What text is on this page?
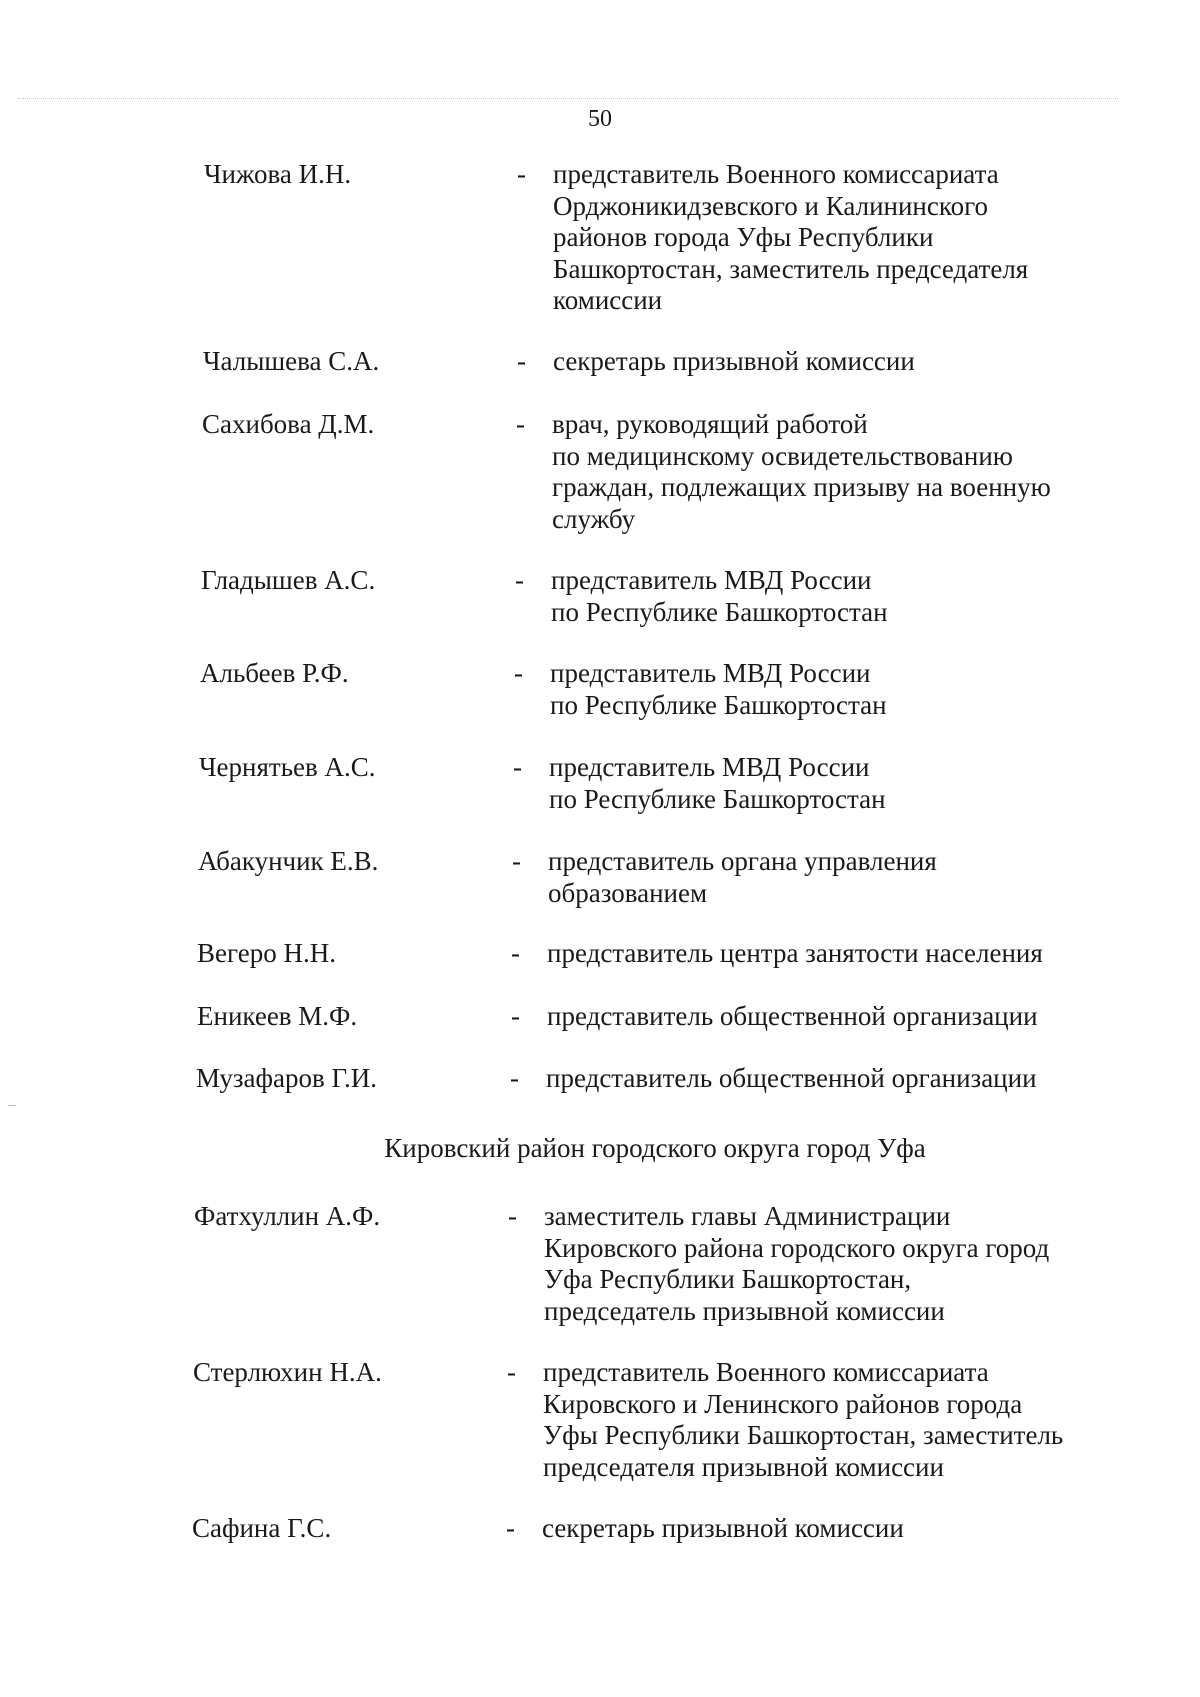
50
Чижова И.Н.	- представитель Военного комиссариата
Орджоникидзевского и Калининского
районов города Уфы Республики
Башкортостан, заместитель председателя
комиссии
Чалышева С.А.	- секретарь призывной комиссии
Сахибова Д.М.	- врач, руководящий работой
по медицинскому освидетельствованию
граждан, подлежащих призыву на военную
службу
Гладышев А.С.	- представитель МВД России
по Республике Башкортостан
Альбеев Р.Ф.	- представитель МВД России
по Республике Башкортостан
Чернятьев А.С.	- представитель МВД России
по Республике Башкортостан
Абакунчик Е.В.	- представитель органа управления
образованием
Вегеро Н.Н.	- представитель центра занятости населения
Еникеев М.Ф.	- представитель общественной организации
Музафаров Г.И.	- представитель общественной организации
Кировский район городского округа город Уфа
Фатхуллин А.Ф.	- заместитель главы Администрации
Кировского района городского округа город
Уфа Республики Башкортостан,
председатель призывной комиссии
Стерлюхин Н.А.	- представитель Военного комиссариата
Кировского и Ленинского районов города
Уфы Республики Башкортостан, заместитель
председателя призывной комиссии
Сафина Г.С.	- секретарь призывной комиссии
